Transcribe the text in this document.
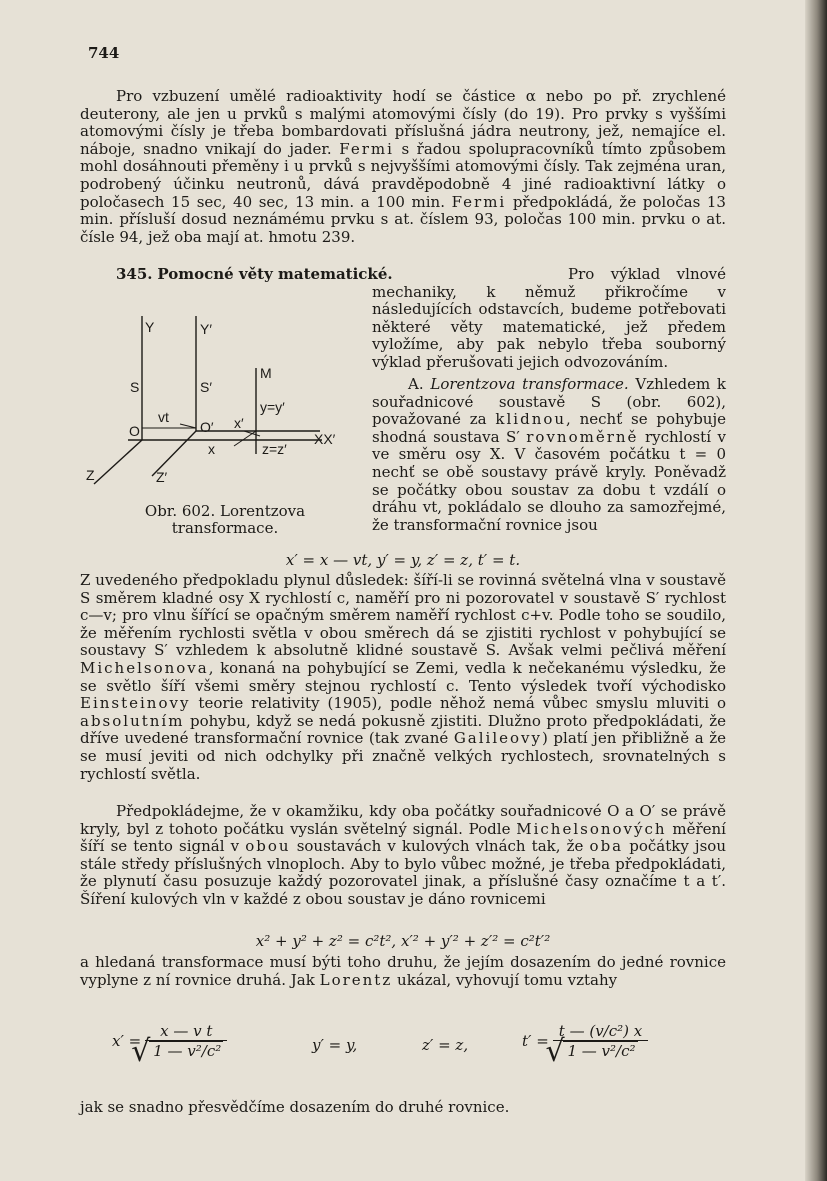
744
Pro vzbuzení umělé radioaktivity hodí se částice α nebo po př. zrychlené deuterony, ale jen u prvků s malými atomovými čísly (do 19). Pro prvky s vyššími atomovými čísly je třeba bombardovati příslušná jádra neutrony, jež, nemajíce el. náboje, snadno vnikají do jader. Fermi s řadou spolupracovníků tímto způsobem mohl dosáhnouti přeměny i u prvků s nejvyššími atomovými čísly. Tak zejména uran, podrobený účinku neutronů, dává pravděpodobně 4 jiné radioaktivní látky o poločasech 15 sec, 40 sec, 13 min. a 100 min. Fermi předpokládá, že poločas 13 min. přísluší dosud neznámému prvku s at. číslem 93, poločas 100 min. prvku o at. čísle 94, jež oba mají at. hmotu 239.
345. Pomocné věty matematické.	Pro výklad vlnové mechaniky, k němuž přikročíme v následujících odstavcích, budeme potřebovati některé věty matematické, jež předem vyložíme, aby pak nebylo třeba souborný výklad přerušovati jejich odvozováním.
Y	Y′
S	S′
O	O′
vt	x′
x
M
y=y′
XX′
z=z′
Z	Z′
Obr. 602. Lorentzova transformace.
A. Lorentzova transformace. Vzhledem k souřadnicové soustavě S (obr. 602), považované za klidnou, nechť se pohybuje shodná soustava S′ rovnoměrně rychlostí v ve směru osy X. V časovém počátku t = 0 nechť se obě soustavy právě kryly. Poněvadž se počátky obou soustav za dobu t vzdálí o dráhu vt, pokládalo se dlouho za samozřejmé, že transformační rovnice jsou
x′ = x — vt, y′ = y, z′ = z, t′ = t.
Z uvedeného předpokladu plynul důsledek: šíří-li se rovinná světelná vlna v soustavě S směrem kladné osy X rychlostí c, naměří pro ni pozorovatel v soustavě S′ rychlost c—v; pro vlnu šířící se opačným směrem naměří rychlost c+v. Podle toho se soudilo, že měřením rychlosti světla v obou směrech dá se zjistiti rychlost v pohybující se soustavy S′ vzhledem k absolutně klidné soustavě S. Avšak velmi pečlivá měření Michelsonova, konaná na pohybující se Zemi, vedla k nečekanému výsledku, že se světlo šíří všemi směry stejnou rychlostí c. Tento výsledek tvoří východisko Einsteinovy teorie relativity (1905), podle něhož nemá vůbec smyslu mluviti o absolutním pohybu, když se nedá pokusně zjistiti. Dlužno proto předpokládati, že dříve uvedené transformační rovnice (tak zvané Galileovy) platí jen přibližně a že se musí jeviti od nich odchylky při značně velkých rychlostech, srovnatelných s rychlostí světla.
Předpokládejme, že v okamžiku, kdy oba počátky souřadnicové O a O′ se právě kryly, byl z tohoto počátku vyslán světelný signál. Podle Michelsonových měření šíří se tento signál v obou soustavách v kulových vlnách tak, že oba počátky jsou stále středy příslušných vlnoploch. Aby to bylo vůbec možné, je třeba předpokládati, že plynutí času posuzuje každý pozorovatel jinak, a příslušné časy označíme t a t′. Šíření kulových vln v každé z obou soustav je dáno rovnicemi
x² + y² + z² = c²t², x′² + y′² + z′² = c²t′²
a hledaná transformace musí býti toho druhu, že jejím dosazením do jedné rovnice vyplyne z ní rovnice druhá. Jak Lorentz ukázal, vyhovují tomu vztahy
x′ = x — v t
√ 1 — v²/c²	y′ = y,	z′ = z,	t′ = t — (v/c²) x
√ 1 — v²/c²
jak se snadno přesvědčíme dosazením do druhé rovnice.
